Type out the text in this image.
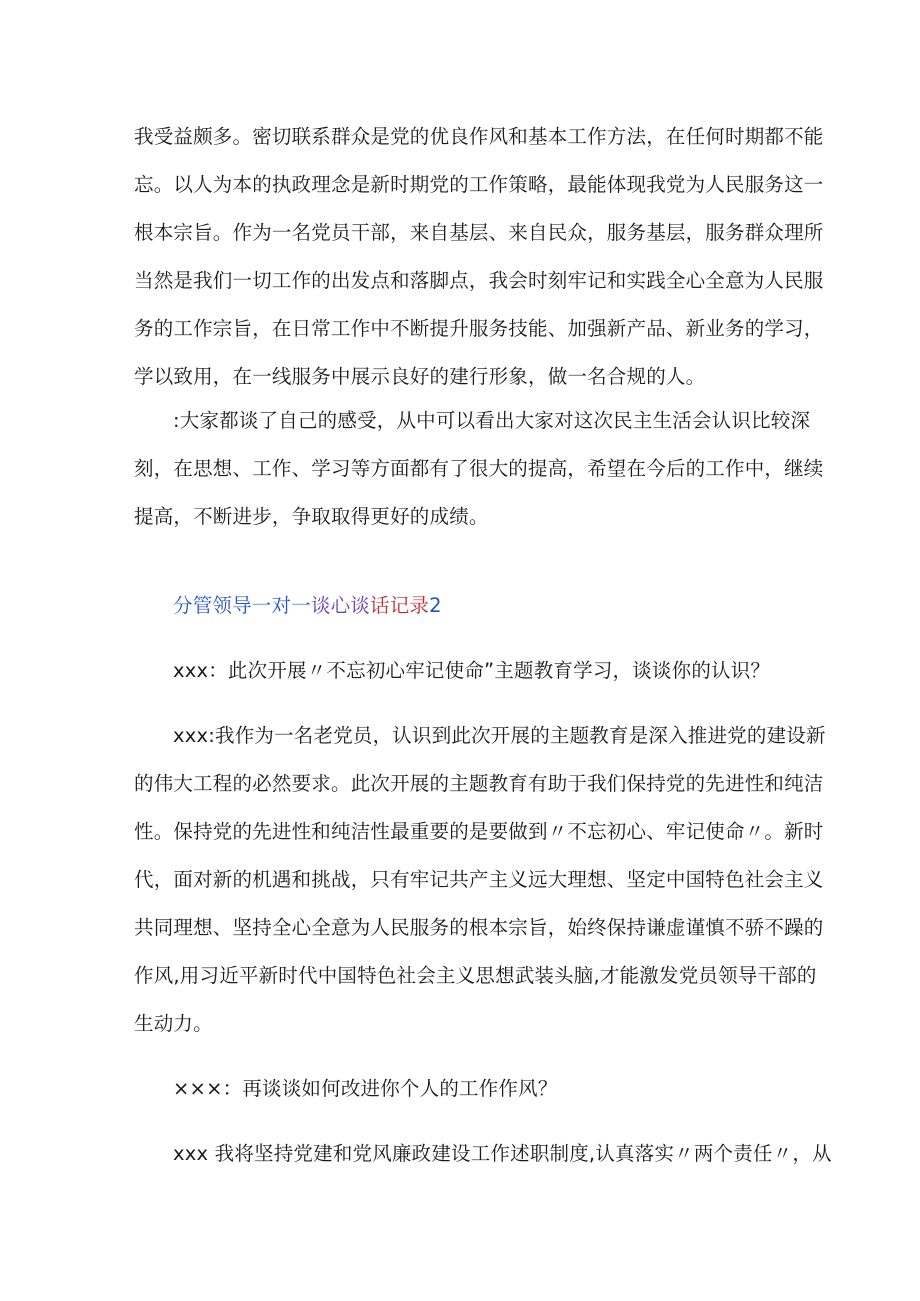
我受益颇多。密切联系群众是党的优良作风和基本工作方法，在任何时期都不能
忘。以人为本的执政理念是新时期党的工作策略，最能体现我党为人民服务这一
根本宗旨。作为一名党员干部，来自基层、来自民众，服务基层，服务群众理所
当然是我们一切工作的出发点和落脚点，我会时刻牢记和实践全心全意为人民服
务的工作宗旨，在日常工作中不断提升服务技能、加强新产品、新业务的学习，
学以致用，在一线服务中展示良好的建行形象，做一名合规的人。
:大家都谈了自己的感受，从中可以看出大家对这次民主生活会认识比较深
刻，在思想、工作、学习等方面都有了很大的提高，希望在今后的工作中，继续
提高，不断进步，争取取得更好的成绩。
分管领导一对一谈心谈话记录2
xxx：此次开展〃不忘初心牢记使命”主题教育学习，谈谈你的认识？
xxx:我作为一名老党员，认识到此次开展的主题教育是深入推进党的建设新
的伟大工程的必然要求。此次开展的主题教育有助于我们保持党的先进性和纯洁
性。保持党的先进性和纯洁性最重要的是要做到〃不忘初心、牢记使命〃。新时
代，面对新的机遇和挑战，只有牢记共产主义远大理想、坚定中国特色社会主义
共同理想、坚持全心全意为人民服务的根本宗旨，始终保持谦虚谨慎不骄不躁的
作风,用习近平新时代中国特色社会主义思想武装头脑,才能激发党员领导干部的
生动力。
×××：再谈谈如何改进你个人的工作作风？
xxx 我将坚持党建和党风廉政建设工作述职制度,认真落实〃两个责任〃，从
